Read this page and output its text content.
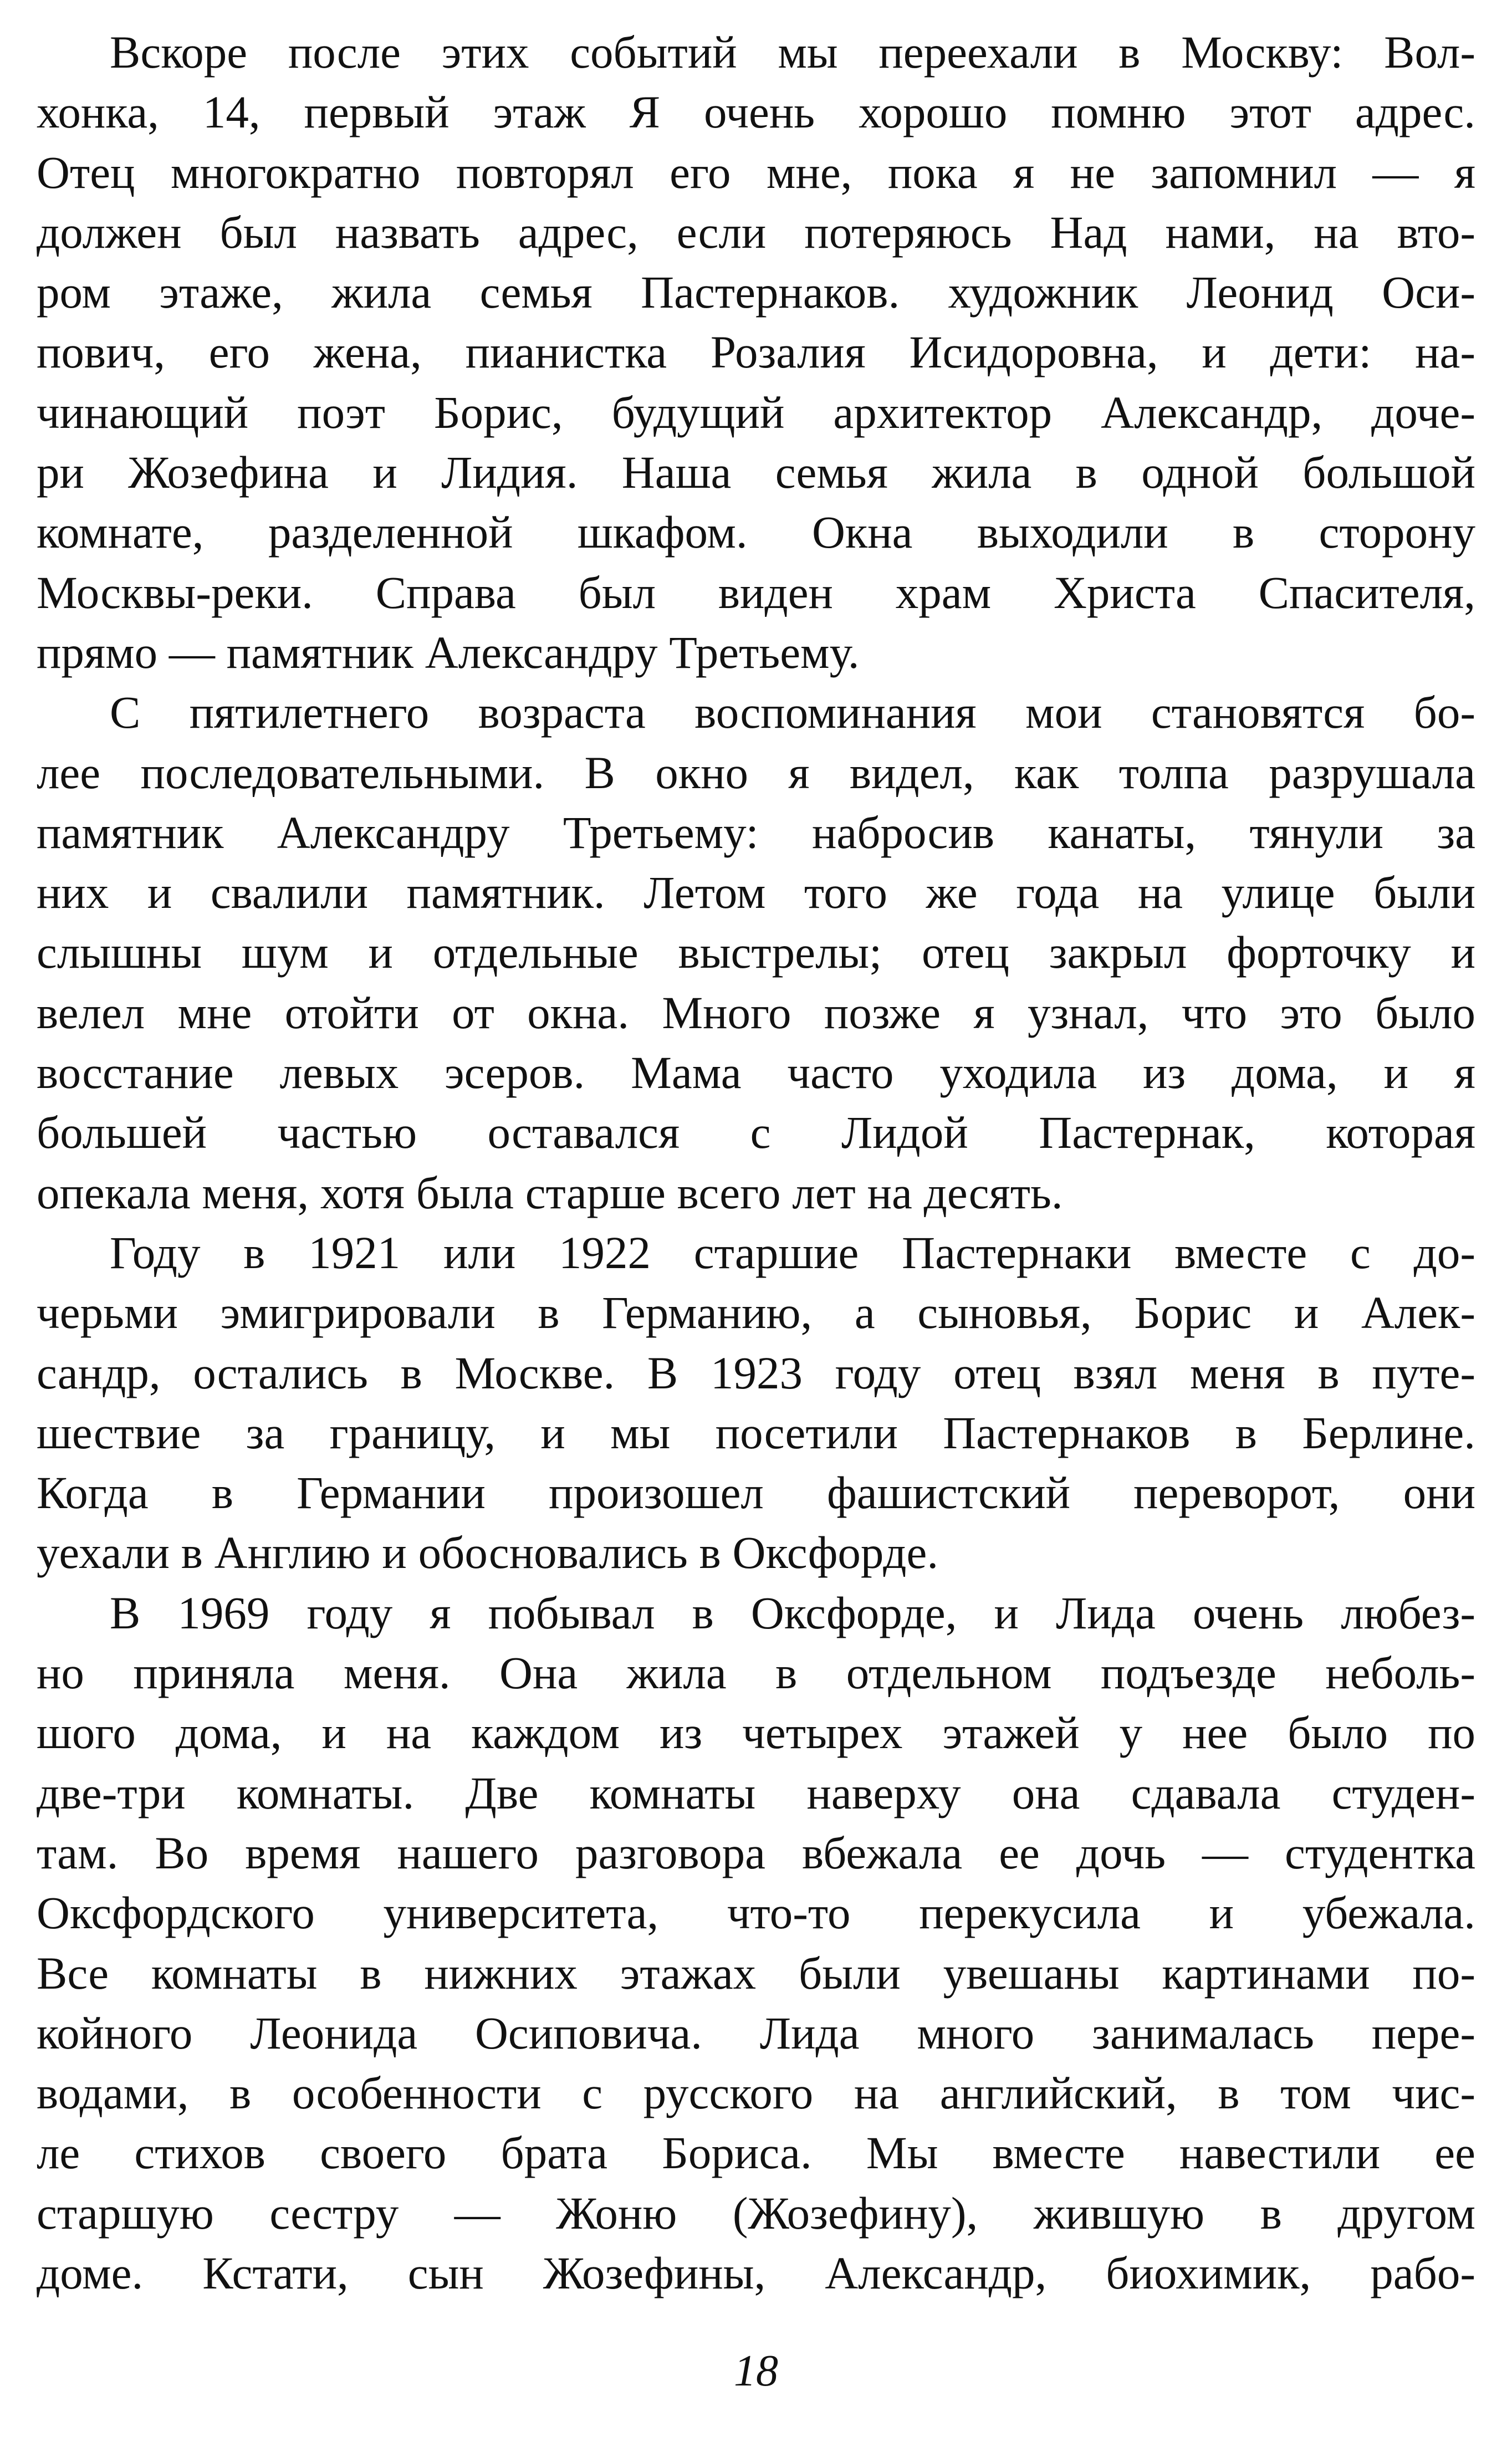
Вскоре после этих событий мы переехали в Москву: Вол-
хонка, 14, первый этаж Я очень хорошо помню этот адрес.
Отец многократно повторял его мне, пока я не запомнил — я
должен был назвать адрес, если потеряюсь Над нами, на вто-
ром этаже, жила семья Пастернаков. художник Леонид Оси-
пович, его жена, пианистка Розалия Исидоровна, и дети: на-
чинающий поэт Борис, будущий архитектор Александр, доче-
ри Жозефина и Лидия. Наша семья жила в одной большой
комнате, разделенной шкафом. Окна выходили в сторону
Москвы-реки. Справа был виден храм Христа Спасителя,
прямо — памятник Александру Третьему.
С пятилетнего возраста воспоминания мои становятся бо-
лее последовательными. В окно я видел, как толпа разрушала
памятник Александру Третьему: набросив канаты, тянули за
них и свалили памятник. Летом того же года на улице были
слышны шум и отдельные выстрелы; отец закрыл форточку и
велел мне отойти от окна. Много позже я узнал, что это было
восстание левых эсеров. Мама часто уходила из дома, и я
большей частью оставался с Лидой Пастернак, которая
опекала меня, хотя была старше всего лет на десять.
Году в 1921 или 1922 старшие Пастернаки вместе с до-
черьми эмигрировали в Германию, а сыновья, Борис и Алек-
сандр, остались в Москве. В 1923 году отец взял меня в путе-
шествие за границу, и мы посетили Пастернаков в Берлине.
Когда в Германии произошел фашистский переворот, они
уехали в Англию и обосновались в Оксфорде.
В 1969 году я побывал в Оксфорде, и Лида очень любез-
но приняла меня. Она жила в отдельном подъезде неболь-
шого дома, и на каждом из четырех этажей у нее было по
две-три комнаты. Две комнаты наверху она сдавала студен-
там. Во время нашего разговора вбежала ее дочь — студентка
Оксфордского университета, что-то перекусила и убежала.
Все комнаты в нижних этажах были увешаны картинами по-
койного Леонида Осиповича. Лида много занималась пере-
водами, в особенности с русского на английский, в том чис-
ле стихов своего брата Бориса. Мы вместе навестили ее
старшую сестру — Жоню (Жозефину), жившую в другом
доме. Кстати, сын Жозефины, Александр, биохимик, рабо-
18
